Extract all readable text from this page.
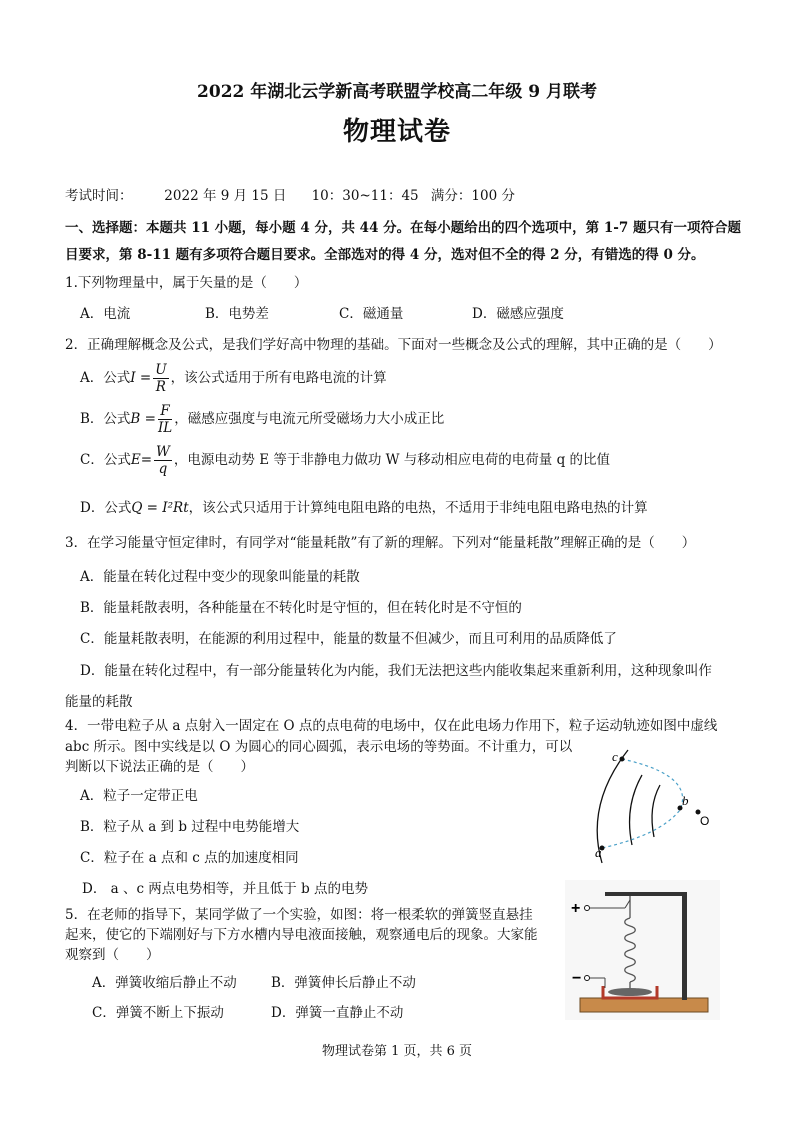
2022 年湖北云学新高考联盟学校高二年级 9 月联考
物理试卷
考试时间： 2022 年 9 月 15 日 10：30~11：45 满分：100 分
一、选择题：本题共 11 小题，每小题 4 分，共 44 分。在每小题给出的四个选项中，第 1-7 题只有一项符合题
目要求，第 8-11 题有多项符合题目要求。全部选对的得 4 分，选对但不全的得 2 分，有错选的得 0 分。
1.下列物理量中，属于矢量的是（　　）
A．电流	B．电势差	C．磁通量	D．磁感应强度
2．正确理解概念及公式，是我们学好高中物理的基础。下面对一些概念及公式的理解，其中正确的是（　　）
A．公式$I = \frac{U}{R}$ ，该公式适用于所有电路电流的计算
B．公式$B = \frac{F}{IL}$ ，磁感应强度与电流元所受磁场力大小成正比
C．公式$E= \frac{W}{q}$ ，电源电动势 E 等于非静电力做功 W 与移动相应电荷的电荷量 q 的比值
D．公式Q = I²Rt，该公式只适用于计算纯电阻电路的电热，不适用于非纯电阻电路电热的计算
3．在学习能量守恒定律时，有同学对“能量耗散”有了新的理解。下列对“能量耗散”理解正确的是（　　）
A．能量在转化过程中变少的现象叫能量的耗散
B．能量耗散表明，各种能量在不转化时是守恒的，但在转化时是不守恒的
C．能量耗散表明，在能源的利用过程中，能量的数量不但减少，而且可利用的品质降低了
D．能量在转化过程中，有一部分能量转化为内能，我们无法把这些内能收集起来重新利用，这种现象叫作
能量的耗散
4．一带电粒子从 a 点射入一固定在 O 点的点电荷的电场中，仅在此电场力作用下，粒子运动轨迹如图中虚线
abc 所示。图中实线是以 O 为圆心的同心圆弧，表示电场的等势面。不计重力，可以
判断以下说法正确的是（　　）
A．粒子一定带正电
B．粒子从 a 到 b 过程中电势能增大
C．粒子在 a 点和 c 点的加速度相同
D． a 、c 两点电势相等，并且低于 b 点的电势
c
b
a
O
5．在老师的指导下，某同学做了一个实验，如图：将一根柔软的弹簧竖直悬挂
起来，使它的下端刚好与下方水槽内导电液面接触，观察通电后的现象。大家能
观察到（　　）
A．弹簧收缩后静止不动	B．弹簧伸长后静止不动
C．弹簧不断上下振动	D．弹簧一直静止不动
+
−
物理试卷第 1 页，共 6 页
